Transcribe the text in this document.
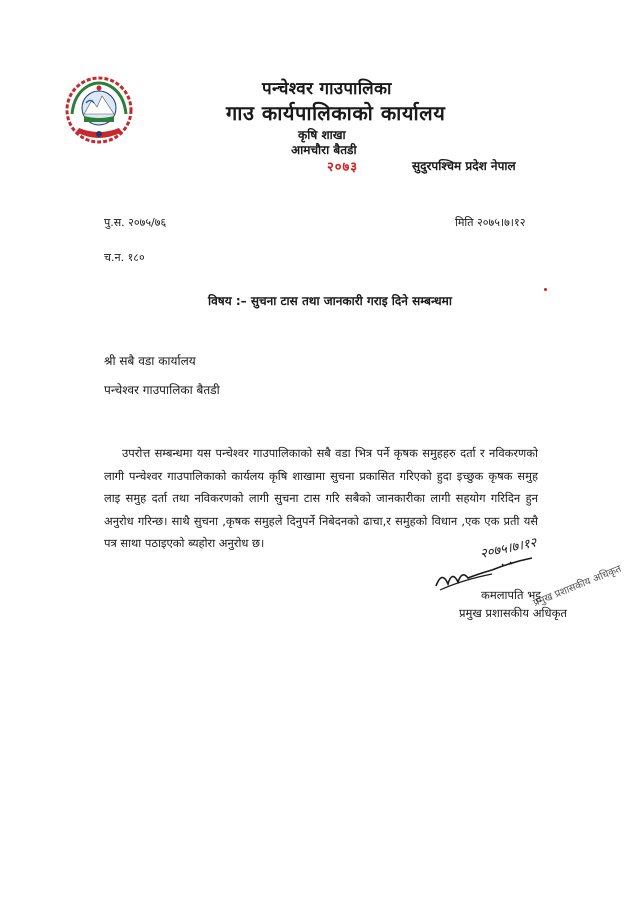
पन्चेश्वर गाउपालिका
गाउ कार्यपालिकाको कार्यालय
कृषि शाखा
आमचौरा बैतडी
२०७३	सुदुरपश्चिम प्रदेश नेपाल
पु.स. २०७५/७६	मिति २०७५।७।१२
च.न. १८०
विषय :– सुचना टास तथा जानकारी गराइ दिने सम्बन्धमा
श्री सबै वडा कार्यालय
पन्चेश्वर गाउपालिका बैतडी
उपरोत्त सम्बन्धमा यस पन्चेश्वर गाउपालिकाको सबै वडा भित्र पर्ने कृषक समुहहरु दर्ता र नविकरणको लागी पन्चेश्वर गाउपालिकाको कार्यलय कृषि शाखामा सुचना प्रकासित गरिएको हुदा इच्छुक कृषक समुह लाइ समुह दर्ता तथा नविकरणको लागी सुचना टास गरि सबैको जानकारीका लागी सहयोग गरिदिन हुन अनुरोध गरिन्छ। साथै सुचना ,कृषक समुहले दिनुपर्ने निबेदनको ढाचा,र समुहको विधान ,एक एक प्रती यसै पत्र साथा पठाइएको ब्यहोरा अनुरोध छ।	२०७५।७।१२
प्रमुख प्रशासकीय अधिकृत
कमलापति भट्ट
प्रमुख प्रशासकीय अधिकृत
